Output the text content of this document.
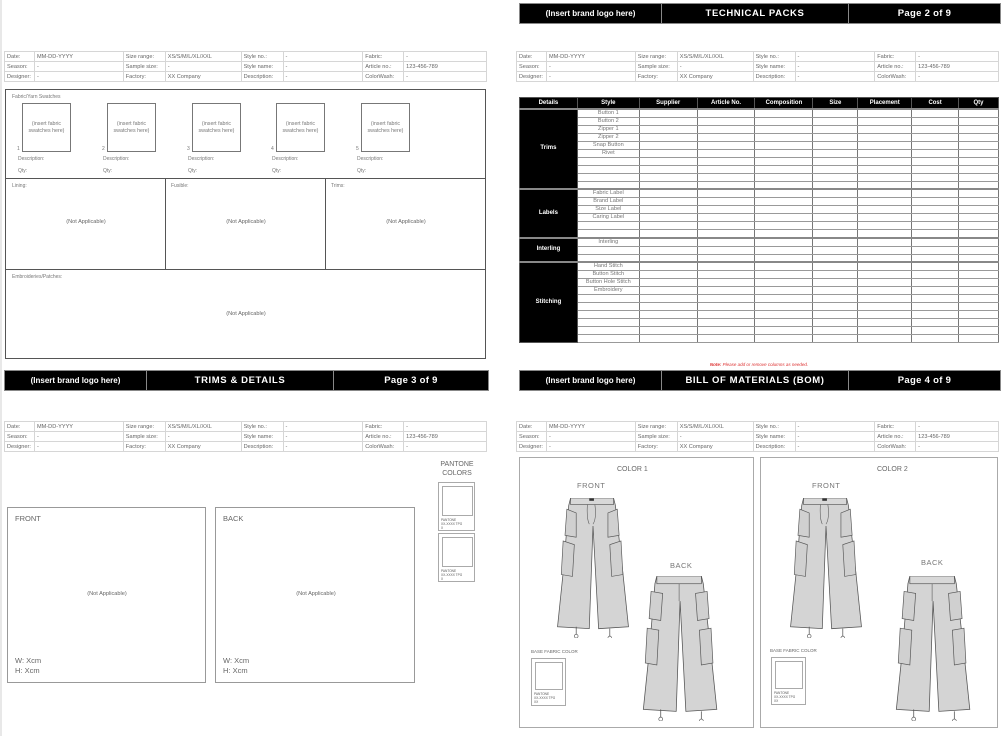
Date:	MM-DD-YYYY	Size range:	XS/S/M/L/XL/XXL	Style no.:	-	Fabric:	-
Season:	-	Sample size:	-	Style name:	-	Article no.:	123-456-789
Designer:	-	Factory:	XX Company	Description:	-	ColorWash:	-
Fabric/Yarn Swatches
(insert fabric swatches here)
1
Description:
Qty:
(insert fabric swatches here)
2
Description:
Qty:
(insert fabric swatches here)
3
Description:
Qty:
(insert fabric swatches here)
4
Description:
Qty:
(insert fabric swatches here)
5
Description:
Qty:
Lining:
(Not Applicable)
Fusible:
(Not Applicable)
Trims:
(Not Applicable)
Embroideries/Patches:
(Not Applicable)
(Insert brand logo here)	TECHNICAL PACKS	Page 2 of 9
Date:	MM-DD-YYYY	Size range:	XS/S/M/L/XL/XXL	Style no.:	-	Fabric:	-
Season:	-	Sample size:	-	Style name:	-	Article no.:	123-456-789
Designer:	-	Factory:	XX Company	Description:	-	ColorWash:	-
Details	Style	Supplier	Article No.	Composition	Size	Placement	Cost	Qty
Trims	Button 1							
	Button 2							
	Zipper 1							
	Zipper 2							
	Snap Button							
	Rivet							

Labels	Fabric Label							
	Brand Label							
	Size Label							
	Caring Label							

Interling	Interling							

Stitching	Hand Stitch							
	Button Stitch							
	Button Hole Stitch							
	Embroidery							

Note: Please add or remove columns as needed.
(Insert brand logo here)	TRIMS & DETAILS	Page 3 of 9
Date:	MM-DD-YYYY	Size range:	XS/S/M/L/XL/XXL	Style no.:	-	Fabric:	-
Season:	-	Sample size:	-	Style name:	-	Article no.:	123-456-789
Designer:	-	Factory:	XX Company	Description:	-	ColorWash:	-
FRONT
(Not Applicable)
W: Xcm
H: Xcm
BACK
(Not Applicable)
W: Xcm
H: Xcm
PANTONE
COLORS
PANTONE
XX-XXXX TPG
X
PANTONE
XX-XXXX TPG
X
(Insert brand logo here)	BILL OF MATERIALS (BOM)	Page 4 of 9
Date:	MM-DD-YYYY	Size range:	XS/S/M/L/XL/XXL	Style no.:	-	Fabric:	-
Season:	-	Sample size:	-	Style name:	-	Article no.:	123-456-789
Designer:	-	Factory:	XX Company	Description:	-	ColorWash:	-
COLOR 1
FRONT
BACK
BASE FABRIC COLOR
PANTONE
XX-XXXX TPG
XX
COLOR 2
FRONT
BACK
BASE FABRIC COLOR
PANTONE
XX-XXXX TPG
XX
